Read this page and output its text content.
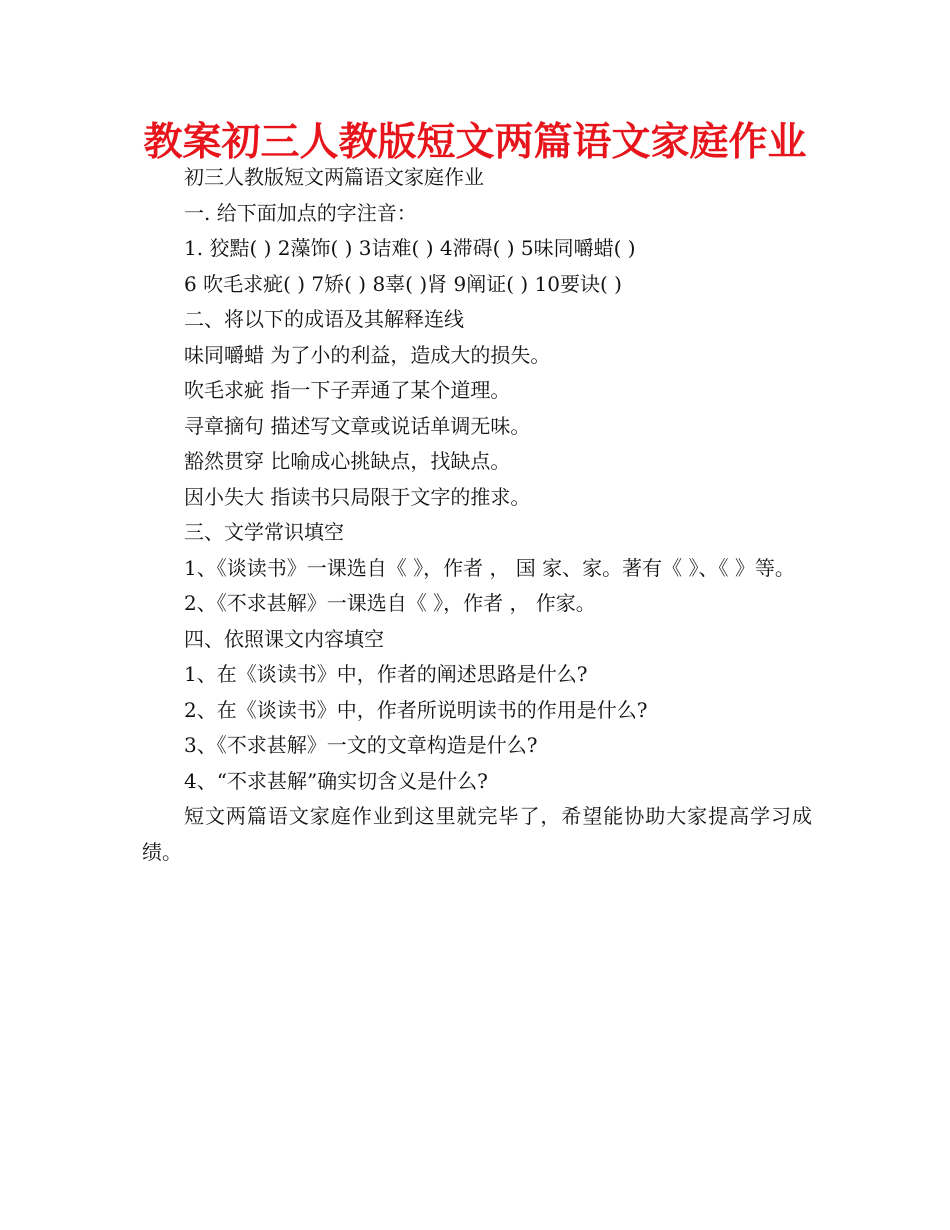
教案初三人教版短文两篇语文家庭作业

初三人教版短文两篇语文家庭作业

一. 给下面加点的字注音：

1. 狡黠( ) 2藻饰( ) 3诘难( ) 4滞碍( ) 5味同嚼蜡( )

6 吹毛求疵( ) 7矫( ) 8辜( )肾 9阐证( ) 10要诀( )

二、将以下的成语及其解释连线

味同嚼蜡 为了小的利益，造成大的损失。

吹毛求疵 指一下子弄通了某个道理。

寻章摘句 描述写文章或说话单调无味。

豁然贯穿 比喻成心挑缺点，找缺点。

因小失大 指读书只局限于文字的推求。

三、文学常识填空

1、《谈读书》一课选自《 》，作者 ， 国 家、家。著有《 》、《 》等。

2、《不求甚解》一课选自《 》，作者 ， 作家。

四、依照课文内容填空

1、在《谈读书》中，作者的阐述思路是什么?

2、在《谈读书》中，作者所说明读书的作用是什么?

3、《不求甚解》一文的文章构造是什么?

4、“不求甚解”确实切含义是什么?

短文两篇语文家庭作业到这里就完毕了，希望能协助大家提高学习成绩。
